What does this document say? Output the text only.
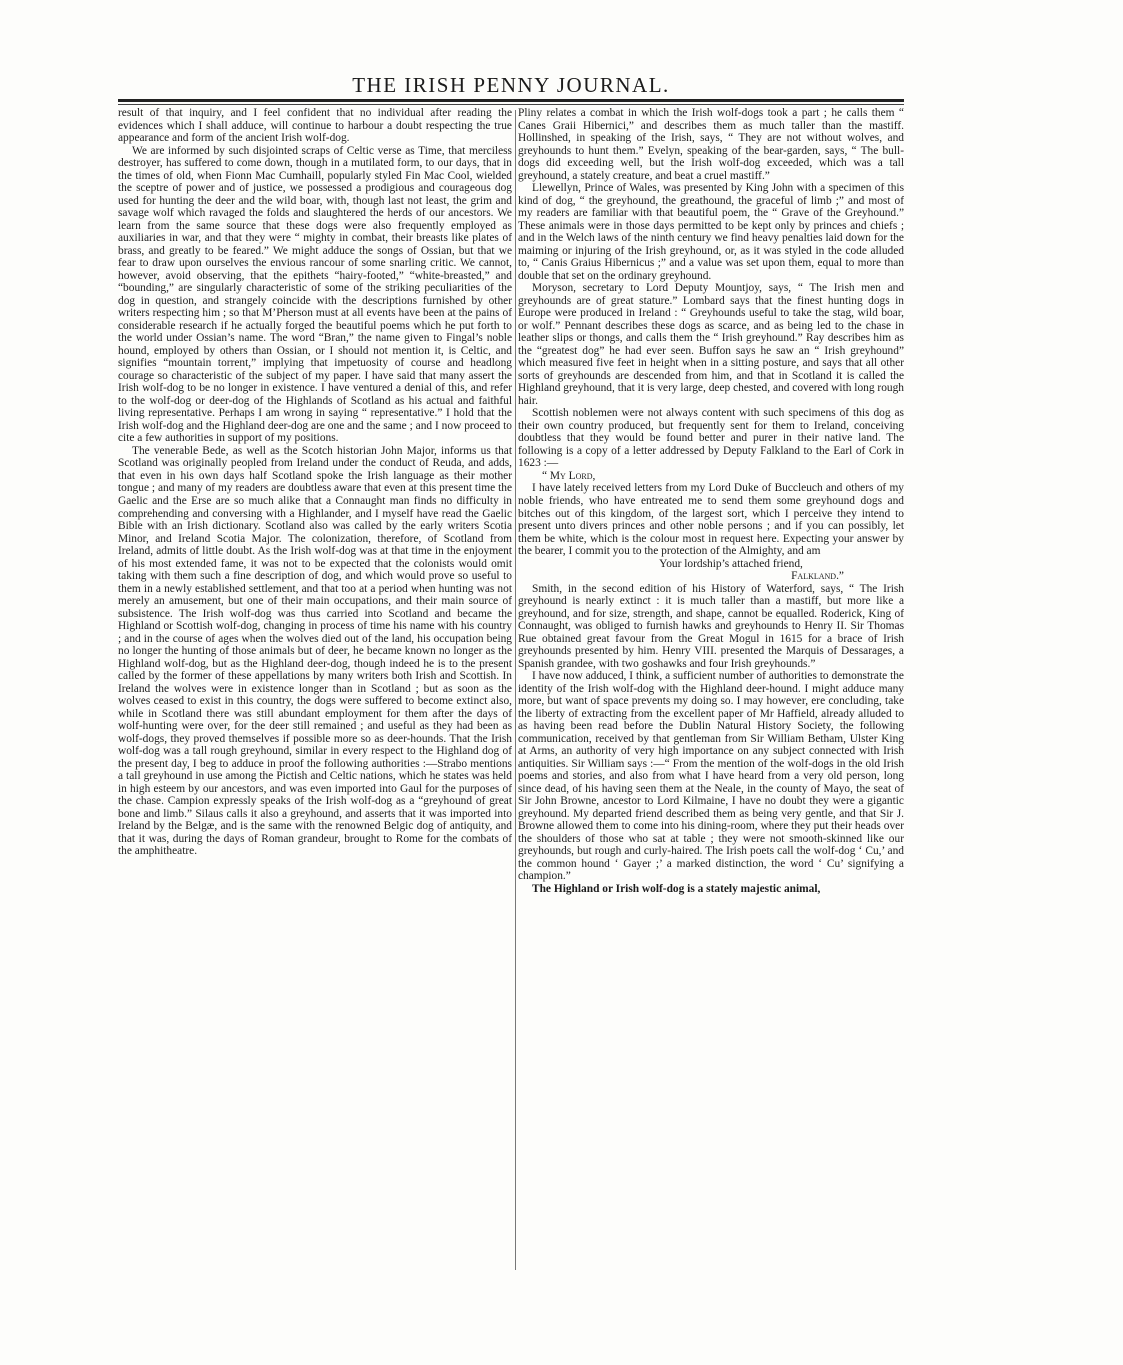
THE IRISH PENNY JOURNAL.

result of that inquiry, and I feel confident that no individual after reading the evidences which I shall adduce, will continue to harbour a doubt respecting the true appearance and form of the ancient Irish wolf-dog.

We are informed by such disjointed scraps of Celtic verse as Time, that merciless destroyer, has suffered to come down, though in a mutilated form, to our days, that in the times of old, when Fionn Mac Cumhaill, popularly styled Fin Mac Cool, wielded the sceptre of power and of justice, we possessed a prodigious and courageous dog used for hunting the deer and the wild boar, with, though last not least, the grim and savage wolf which ravaged the folds and slaughtered the herds of our ancestors. We learn from the same source that these dogs were also frequently employed as auxiliaries in war, and that they were “ mighty in combat, their breasts like plates of brass, and greatly to be feared.” We might adduce the songs of Ossian, but that we fear to draw upon ourselves the envious rancour of some snarling critic. We cannot, however, avoid observing, that the epithets “hairy-footed,” “white-breasted,” and “bounding,” are singularly characteristic of some of the striking peculiarities of the dog in question, and strangely coincide with the descriptions furnished by other writers respecting him ; so that M’Pherson must at all events have been at the pains of considerable research if he actually forged the beautiful poems which he put forth to the world under Ossian’s name. The word “Bran,” the name given to Fingal’s noble hound, employed by others than Ossian, or I should not mention it, is Celtic, and signifies “mountain torrent,” implying that impetuosity of course and headlong courage so characteristic of the subject of my paper. I have said that many assert the Irish wolf-dog to be no longer in existence. I have ventured a denial of this, and refer to the wolf-dog or deer-dog of the Highlands of Scotland as his actual and faithful living representative. Perhaps I am wrong in saying “ representative.” I hold that the Irish wolf-dog and the Highland deer-dog are one and the same ; and I now proceed to cite a few authorities in support of my positions.

The venerable Bede, as well as the Scotch historian John Major, informs us that Scotland was originally peopled from Ireland under the conduct of Reuda, and adds, that even in his own days half Scotland spoke the Irish language as their mother tongue ; and many of my readers are doubtless aware that even at this present time the Gaelic and the Erse are so much alike that a Connaught man finds no difficulty in comprehending and conversing with a Highlander, and I myself have read the Gaelic Bible with an Irish dictionary. Scotland also was called by the early writers Scotia Minor, and Ireland Scotia Major. The colonization, therefore, of Scotland from Ireland, admits of little doubt. As the Irish wolf-dog was at that time in the enjoyment of his most extended fame, it was not to be expected that the colonists would omit taking with them such a fine description of dog, and which would prove so useful to them in a newly established settlement, and that too at a period when hunting was not merely an amusement, but one of their main occupations, and their main source of subsistence. The Irish wolf-dog was thus carried into Scotland and became the Highland or Scottish wolf-dog, changing in process of time his name with his country ; and in the course of ages when the wolves died out of the land, his occupation being no longer the hunting of those animals but of deer, he became known no longer as the Highland wolf-dog, but as the Highland deer-dog, though indeed he is to the present called by the former of these appellations by many writers both Irish and Scottish. In Ireland the wolves were in existence longer than in Scotland ; but as soon as the wolves ceased to exist in this country, the dogs were suffered to become extinct also, while in Scotland there was still abundant employment for them after the days of wolf-hunting were over, for the deer still remained ; and useful as they had been as wolf-dogs, they proved themselves if possible more so as deer-hounds. That the Irish wolf-dog was a tall rough greyhound, similar in every respect to the Highland dog of the present day, I beg to adduce in proof the following authorities :—Strabo mentions a tall greyhound in use among the Pictish and Celtic nations, which he states was held in high esteem by our ancestors, and was even imported into Gaul for the purposes of the chase. Campion expressly speaks of the Irish wolf-dog as a “greyhound of great bone and limb.” Silaus calls it also a greyhound, and asserts that it was imported into Ireland by the Belgæ, and is the same with the renowned Belgic dog of antiquity, and that it was, during the days of Roman grandeur, brought to Rome for the combats of the amphitheatre.

Pliny relates a combat in which the Irish wolf-dogs took a part ; he calls them “ Canes Graii Hibernici,” and describes them as much taller than the mastiff. Hollinshed, in speaking of the Irish, says, “ They are not without wolves, and greyhounds to hunt them.” Evelyn, speaking of the bear-garden, says, “ The bull-dogs did exceeding well, but the Irish wolf-dog exceeded, which was a tall greyhound, a stately creature, and beat a cruel mastiff.”

Llewellyn, Prince of Wales, was presented by King John with a specimen of this kind of dog, “ the greyhound, the greathound, the graceful of limb ;” and most of my readers are familiar with that beautiful poem, the “ Grave of the Greyhound.” These animals were in those days permitted to be kept only by princes and chiefs ; and in the Welch laws of the ninth century we find heavy penalties laid down for the maiming or injuring of the Irish greyhound, or, as it was styled in the code alluded to, “ Canis Graius Hibernicus ;” and a value was set upon them, equal to more than double that set on the ordinary greyhound.

Moryson, secretary to Lord Deputy Mountjoy, says, “ The Irish men and greyhounds are of great stature.” Lombard says that the finest hunting dogs in Europe were produced in Ireland : “ Greyhounds useful to take the stag, wild boar, or wolf.” Pennant describes these dogs as scarce, and as being led to the chase in leather slips or thongs, and calls them the “ Irish greyhound.” Ray describes him as the “greatest dog” he had ever seen. Buffon says he saw an “ Irish greyhound” which measured five feet in height when in a sitting posture, and says that all other sorts of greyhounds are descended from him, and that in Scotland it is called the Highland greyhound, that it is very large, deep chested, and covered with long rough hair.

Scottish noblemen were not always content with such specimens of this dog as their own country produced, but frequently sent for them to Ireland, conceiving doubtless that they would be found better and purer in their native land. The following is a copy of a letter addressed by Deputy Falkland to the Earl of Cork in 1623 :—

“ My Lord,

I have lately received letters from my Lord Duke of Buccleuch and others of my noble friends, who have entreated me to send them some greyhound dogs and bitches out of this kingdom, of the largest sort, which I perceive they intend to present unto divers princes and other noble persons ; and if you can possibly, let them be white, which is the colour most in request here. Expecting your answer by the bearer, I commit you to the protection of the Almighty, and am

Your lordship’s attached friend,

Falkland.”

Smith, in the second edition of his History of Waterford, says, “ The Irish greyhound is nearly extinct : it is much taller than a mastiff, but more like a greyhound, and for size, strength, and shape, cannot be equalled. Roderick, King of Connaught, was obliged to furnish hawks and greyhounds to Henry II. Sir Thomas Rue obtained great favour from the Great Mogul in 1615 for a brace of Irish greyhounds presented by him. Henry VIII. presented the Marquis of Dessarages, a Spanish grandee, with two goshawks and four Irish greyhounds.”

I have now adduced, I think, a sufficient number of authorities to demonstrate the identity of the Irish wolf-dog with the Highland deer-hound. I might adduce many more, but want of space prevents my doing so. I may however, ere concluding, take the liberty of extracting from the excellent paper of Mr Haffield, already alluded to as having been read before the Dublin Natural History Society, the following communication, received by that gentleman from Sir William Betham, Ulster King at Arms, an authority of very high importance on any subject connected with Irish antiquities. Sir William says :—“ From the mention of the wolf-dogs in the old Irish poems and stories, and also from what I have heard from a very old person, long since dead, of his having seen them at the Neale, in the county of Mayo, the seat of Sir John Browne, ancestor to Lord Kilmaine, I have no doubt they were a gigantic greyhound. My departed friend described them as being very gentle, and that Sir J. Browne allowed them to come into his dining-room, where they put their heads over the shoulders of those who sat at table ; they were not smooth-skinned like our greyhounds, but rough and curly-haired. The Irish poets call the wolf-dog ‘ Cu,’ and the common hound ‘ Gayer ;’ a marked distinction, the word ‘ Cu’ signifying a champion.”

The Highland or Irish wolf-dog is a stately majestic animal,
